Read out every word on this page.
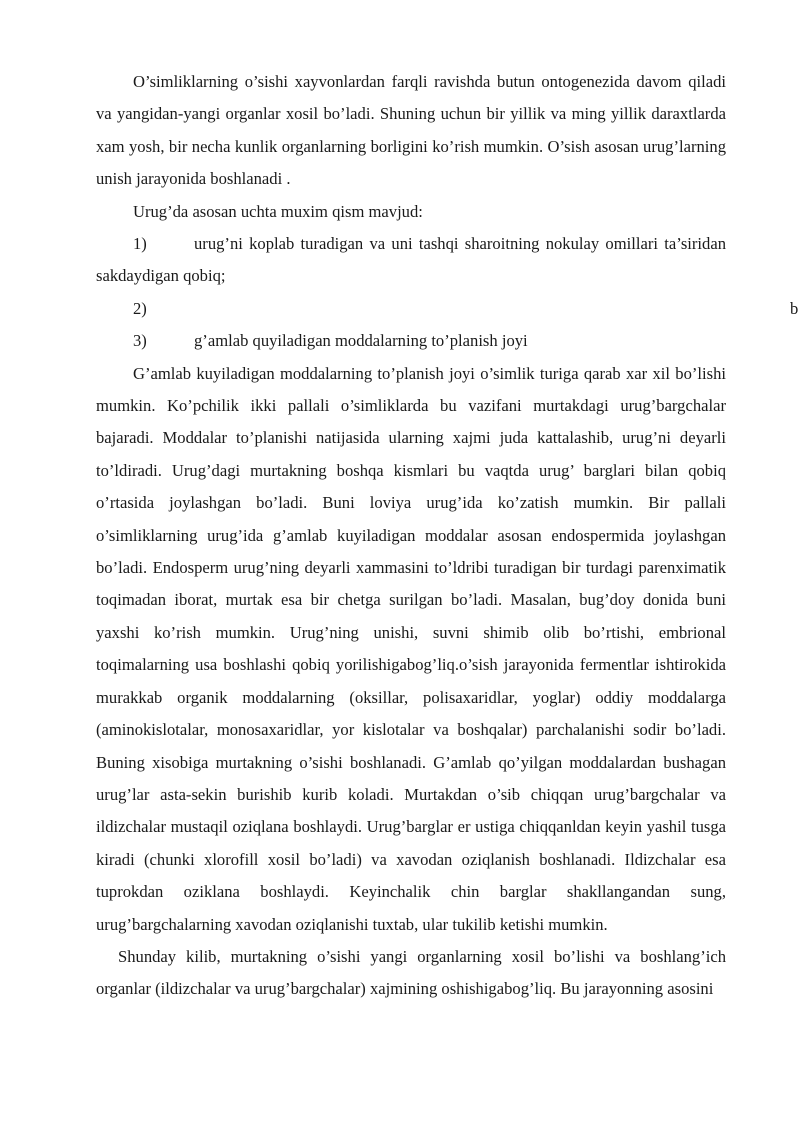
O’simliklarning o’sishi xayvonlardan farqli ravishda butun ontogenezida davom qiladi va yangidan-yangi organlar xosil bo’ladi. Shuning uchun bir yillik va ming yillik daraxtlarda xam yosh, bir necha kunlik organlarning borligini ko’rish mumkin. O’sish asosan urug’larning unish jarayonida boshlanadi .

Urug’da asosan uchta muxim qism mavjud:

1)	urug’ni koplab turadigan va uni tashqi sharoitning nokulay omillari ta’siridan sakdaydigan qobiq;

2)	b

3)	g’amlab quyiladigan moddalarning to’planish joyi

G’amlab kuyiladigan moddalarning to’planish joyi o’simlik turiga qarab xar xil bo’lishi mumkin. Ko’pchilik ikki pallali o’simliklarda bu vazifani murtakdagi urug’bargchalar bajaradi. Moddalar to’planishi natijasida ularning xajmi juda kattalashib, urug’ni deyarli to’ldiradi. Urug’dagi murtakning boshqa kismlari bu vaqtda urug’ barglari bilan qobiq o’rtasida joylashgan bo’ladi. Buni loviya urug’ida ko’zatish mumkin. Bir pallali o’simliklarning urug’ida g’amlab kuyiladigan moddalar asosan endospermida joylashgan bo’ladi. Endosperm urug’ning deyarli xammasini to’ldribi turadigan bir turdagi parenximatik toqimadan iborat, murtak esa bir chetga surilgan bo’ladi. Masalan, bug’doy donida buni yaxshi ko’rish mumkin. Urug’ning unishi, suvni shimib olib bo’rtishi, embrional toqimalarning usa boshlashi qobiq yorilishigabog’liq.o’sish jarayonida fermentlar ishtirokida murakkab organik moddalarning (oksillar, polisaxaridlar, yoglar) oddiy moddalarga (aminokislotalar, monosaxaridlar, yor kislotalar va boshqalar) parchalanishi sodir bo’ladi. Buning xisobiga murtakning o’sishi boshlanadi. G’amlab qo’yilgan moddalardan bushagan urug’lar asta-sekin burishib kurib koladi. Murtakdan o’sib chiqqan urug’bargchalar va ildizchalar mustaqil oziqlana boshlaydi. Urug’barglar er ustiga chiqqanldan keyin yashil tusga kiradi (chunki xlorofill xosil bo’ladi) va xavodan oziqlanish boshlanadi. Ildizchalar esa tuprokdan oziklana boshlaydi. Keyinchalik chin barglar shakllangandan sung, urug’bargchalarning xavodan oziqlanishi tuxtab, ular tukilib ketishi mumkin.

Shunday kilib, murtakning o’sishi yangi organlarning xosil bo’lishi va boshlang’ich organlar (ildizchalar va urug’bargchalar) xajmining oshishigabog’liq. Bu jarayonning asosini
